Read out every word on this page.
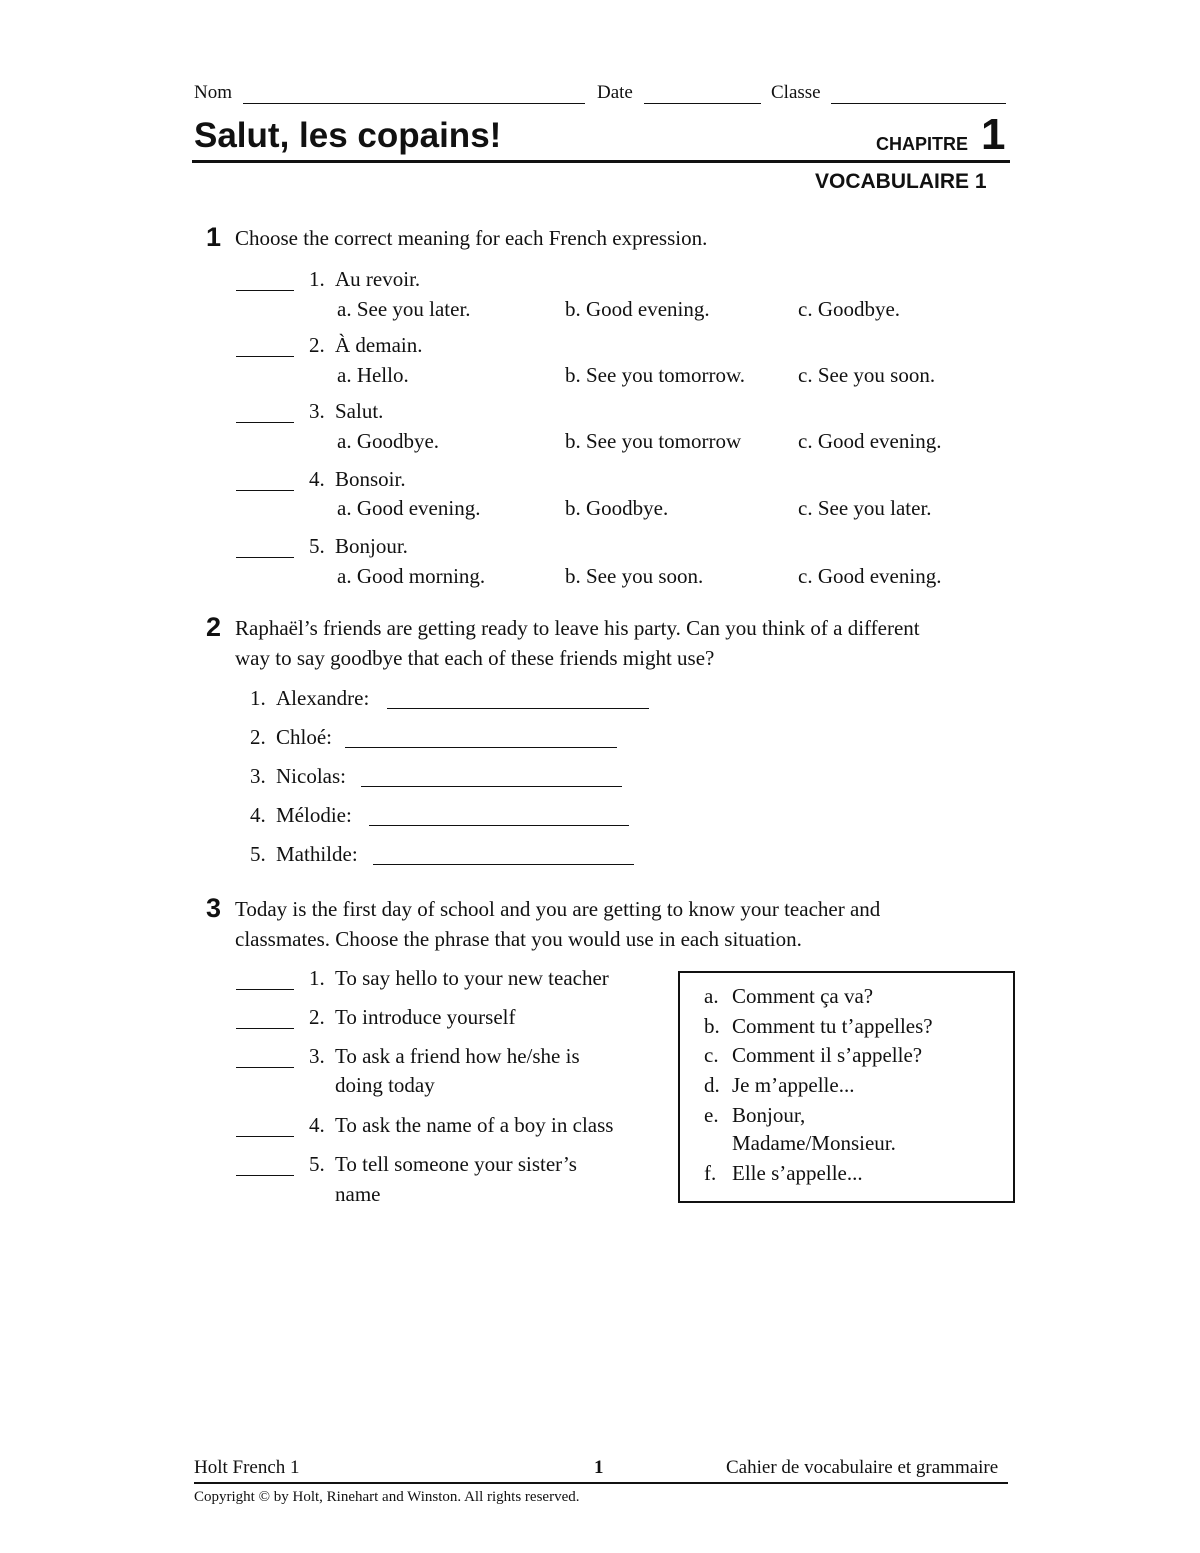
Nom	Date	Classe
Salut, les copains!	CHAPITRE 1
VOCABULAIRE 1
1 Choose the correct meaning for each French expression.
1. Au revoir.
a. See you later.	b. Good evening.	c. Goodbye.
2. À demain.
a. Hello.	b. See you tomorrow.	c. See you soon.
3. Salut.
a. Goodbye.	b. See you tomorrow	c. Good evening.
4. Bonsoir.
a. Good evening.	b. Goodbye.	c. See you later.
5. Bonjour.
a. Good morning.	b. See you soon.	c. Good evening.
2 Raphaël’s friends are getting ready to leave his party. Can you think of a different
way to say goodbye that each of these friends might use?
1. Alexandre:
2. Chloé:
3. Nicolas:
4. Mélodie:
5. Mathilde:
3 Today is the first day of school and you are getting to know your teacher and
classmates. Choose the phrase that you would use in each situation.
1. To say hello to your new teacher
2. To introduce yourself
3. To ask a friend how he/she is
doing today
4. To ask the name of a boy in class
5. To tell someone your sister’s
name
a. Comment ça va?
b. Comment tu t’appelles?
c. Comment il s’appelle?
d. Je m’appelle...
e. Bonjour,
Madame/Monsieur.
f. Elle s’appelle...
Holt French 1	1	Cahier de vocabulaire et grammaire
Copyright © by Holt, Rinehart and Winston. All rights reserved.
